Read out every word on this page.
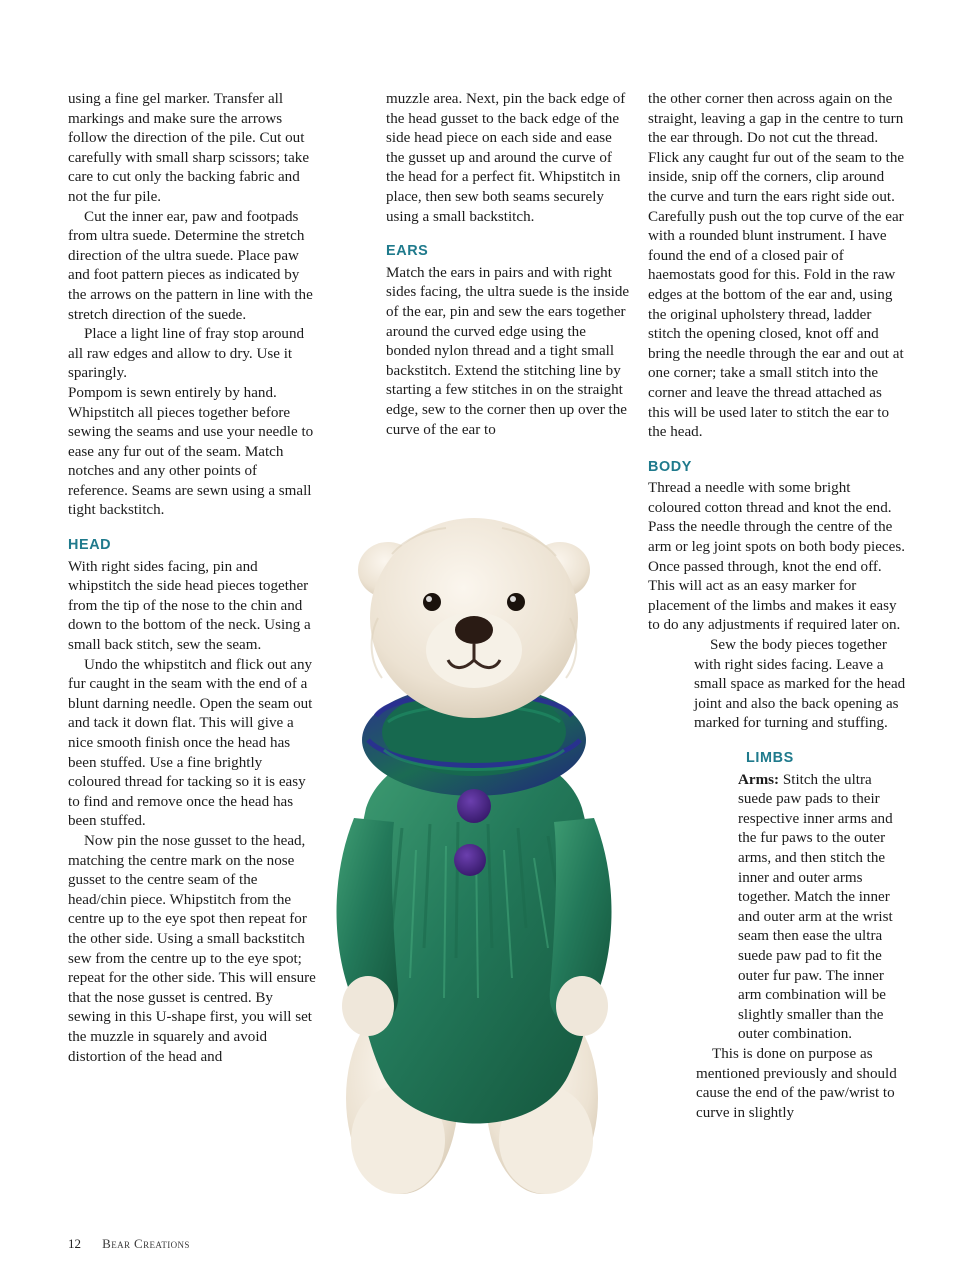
using a fine gel marker. Transfer all markings and make sure the arrows follow the direction of the pile. Cut out carefully with small sharp scissors; take care to cut only the backing fabric and not the fur pile.

Cut the inner ear, paw and footpads from ultra suede. Determine the stretch direction of the ultra suede. Place paw and foot pattern pieces as indicated by the arrows on the pattern in line with the stretch direction of the suede.

Place a light line of fray stop around all raw edges and allow to dry. Use it sparingly.

Pompom is sewn entirely by hand. Whipstitch all pieces together before sewing the seams and use your needle to ease any fur out of the seam. Match notches and any other points of reference. Seams are sewn using a small tight backstitch.

HEAD

With right sides facing, pin and whipstitch the side head pieces together from the tip of the nose to the chin and down to the bottom of the neck. Using a small back stitch, sew the seam.

Undo the whipstitch and flick out any fur caught in the seam with the end of a blunt darning needle. Open the seam out and tack it down flat. This will give a nice smooth finish once the head has been stuffed. Use a fine brightly coloured thread for tacking so it is easy to find and remove once the head has been stuffed.

Now pin the nose gusset to the head, matching the centre mark on the nose gusset to the centre seam of the head/chin piece. Whipstitch from the centre up to the eye spot then repeat for the other side. Using a small backstitch sew from the centre up to the eye spot; repeat for the other side. This will ensure that the nose gusset is centred. By sewing in this U-shape first, you will set the muzzle in squarely and avoid distortion of the head and

muzzle area. Next, pin the back edge of the head gusset to the back edge of the side head piece on each side and ease the gusset up and around the curve of the head for a perfect fit. Whipstitch in place, then sew both seams securely using a small backstitch.

EARS

Match the ears in pairs and with right sides facing, the ultra suede is the inside of the ear, pin and sew the ears together around the curved edge using the bonded nylon thread and a tight small backstitch. Extend the stitching line by starting a few stitches in on the straight edge, sew to the corner then up over the curve of the ear to

the other corner then across again on the straight, leaving a gap in the centre to turn the ear through. Do not cut the thread. Flick any caught fur out of the seam to the inside, snip off the corners, clip around the curve and turn the ears right side out. Carefully push out the top curve of the ear with a rounded blunt instrument. I have found the end of a closed pair of haemostats good for this. Fold in the raw edges at the bottom of the ear and, using the original upholstery thread, ladder stitch the opening closed, knot off and bring the needle through the ear and out at one corner; take a small stitch into the corner and leave the thread attached as this will be used later to stitch the ear to the head.

BODY

Thread a needle with some bright coloured cotton thread and knot the end. Pass the needle through the centre of the arm or leg joint spots on both body pieces. Once passed through, knot the end off. This will act as an easy marker for placement of the limbs and makes it easy to do any adjustments if required later on.

Sew the body pieces together with right sides facing. Leave a small space as marked for the head joint and also the back opening as marked for turning and stuffing.

LIMBS

Arms: Stitch the ultra suede paw pads to their respective inner arms and the fur paws to the outer arms, and then stitch the inner and outer arms together. Match the inner and outer arm at the wrist seam then ease the ultra suede paw pad to fit the outer fur paw. The inner arm combination will be slightly smaller than the outer combination.

This is done on purpose as mentioned previously and should cause the end of the paw/wrist to curve in slightly

12 Bear Creations
